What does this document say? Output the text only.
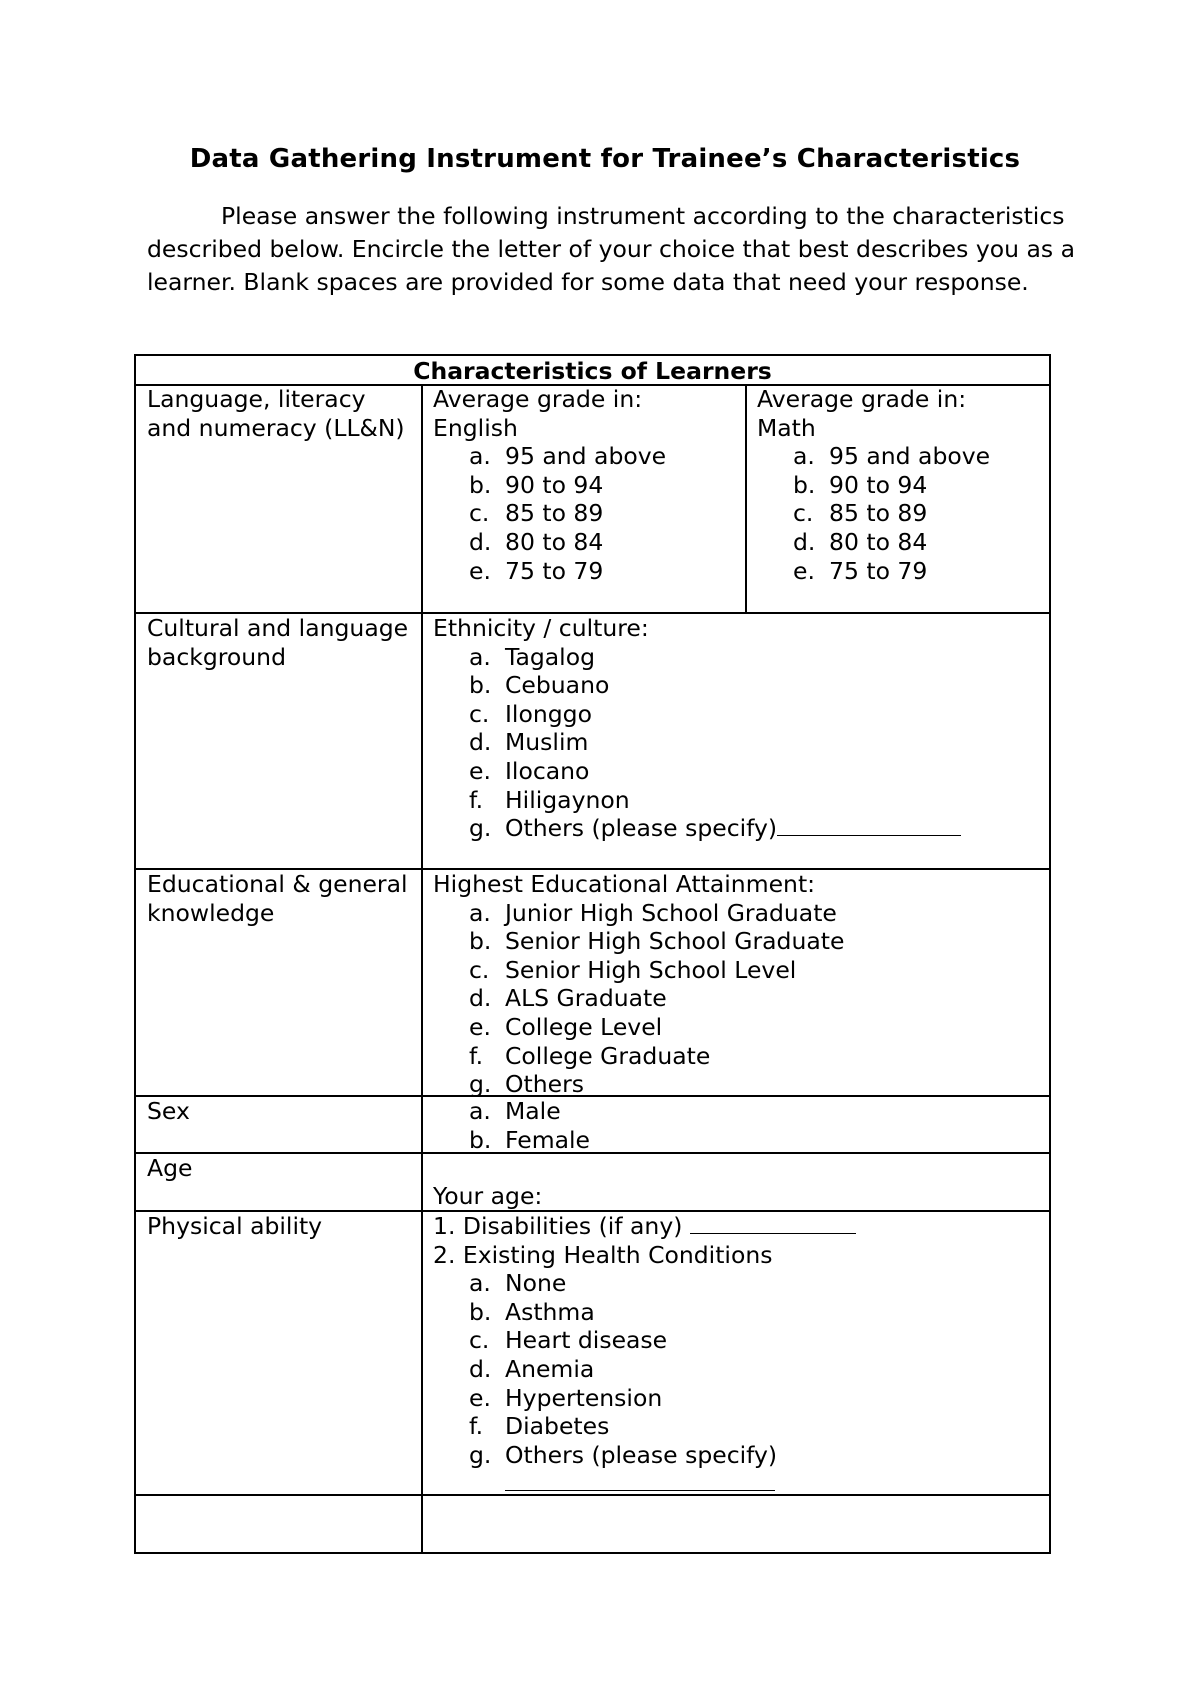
Data Gathering Instrument for Trainee’s Characteristics
Please answer the following instrument according to the characteristics described below. Encircle the letter of your choice that best describes you as a learner. Blank spaces are provided for some data that need your response.
Characteristics of Learners
Language, literacy and numeracy (LL&N)
Average grade in:
English
a. 95 and above
b. 90 to 94
c. 85 to 89
d. 80 to 84
e. 75 to 79
Average grade in:
Math
a. 95 and above
b. 90 to 94
c. 85 to 89
d. 80 to 84
e. 75 to 79
Cultural and language background
Ethnicity / culture:
a. Tagalog
b. Cebuano
c. Ilonggo
d. Muslim
e. Ilocano
f. Hiligaynon
g. Others (please specify)
Educational & general knowledge
Highest Educational Attainment:
a. Junior High School Graduate
b. Senior High School Graduate
c. Senior High School Level
d. ALS Graduate
e. College Level
f. College Graduate
g. Others
Sex	a. Male
b. Female
Age
Your age:
Physical ability	1. Disabilities (if any)
2. Existing Health Conditions
a. None
b. Asthma
c. Heart disease
d. Anemia
e. Hypertension
f. Diabetes
g. Others (please specify)
